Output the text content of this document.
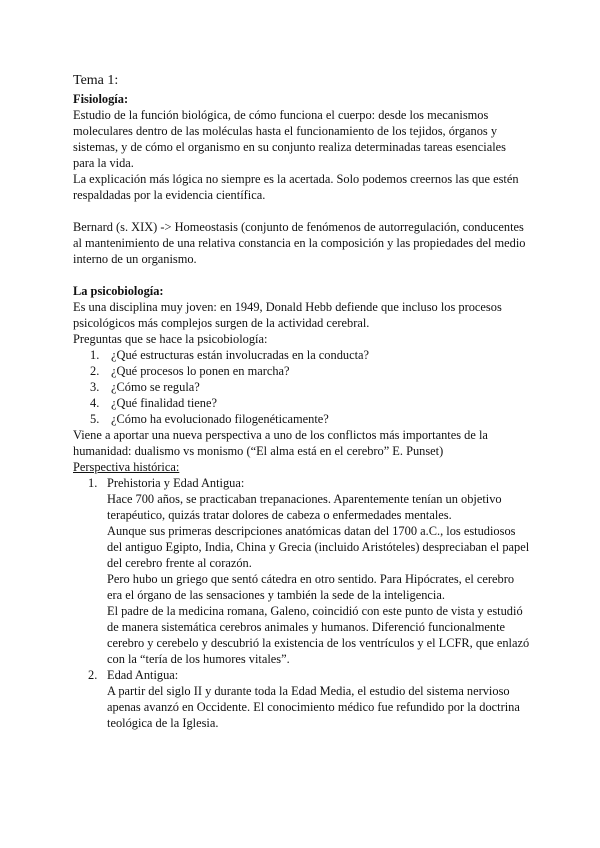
Tema 1:

Fisiología:

Estudio de la función biológica, de cómo funciona el cuerpo: desde los mecanismos moleculares dentro de las moléculas hasta el funcionamiento de los tejidos, órganos y sistemas, y de cómo el organismo en su conjunto realiza determinadas tareas esenciales para la vida.

La explicación más lógica no siempre es la acertada. Solo podemos creernos las que estén respaldadas por la evidencia científica.

Bernard (s. XIX) -> Homeostasis (conjunto de fenómenos de autorregulación, conducentes al mantenimiento de una relativa constancia en la composición y las propiedades del medio interno de un organismo.

La psicobiología:

Es una disciplina muy joven: en 1949, Donald Hebb defiende que incluso los procesos psicológicos más complejos surgen de la actividad cerebral.

Preguntas que se hace la psicobiología:

1. ¿Qué estructuras están involucradas en la conducta?
2. ¿Qué procesos lo ponen en marcha?
3. ¿Cómo se regula?
4. ¿Qué finalidad tiene?
5. ¿Cómo ha evolucionado filogenéticamente?

Viene a aportar una nueva perspectiva a uno de los conflictos más importantes de la humanidad: dualismo vs monismo (“El alma está en el cerebro” E. Punset)

Perspectiva histórica:

1. Prehistoria y Edad Antigua:

Hace 700 años, se practicaban trepanaciones. Aparentemente tenían un objetivo terapéutico, quizás tratar dolores de cabeza o enfermedades mentales.

Aunque sus primeras descripciones anatómicas datan del 1700 a.C., los estudiosos del antiguo Egipto, India, China y Grecia (incluido Aristóteles) despreciaban el papel del cerebro frente al corazón.

Pero hubo un griego que sentó cátedra en otro sentido. Para Hipócrates, el cerebro era el órgano de las sensaciones y también la sede de la inteligencia.

El padre de la medicina romana, Galeno, coincidió con este punto de vista y estudió de manera sistemática cerebros animales y humanos. Diferenció funcionalmente cerebro y cerebelo y descubrió la existencia de los ventrículos y el LCFR, que enlazó con la “tería de los humores vitales”.

2. Edad Antigua:

A partir del siglo II y durante toda la Edad Media, el estudio del sistema nervioso apenas avanzó en Occidente. El conocimiento médico fue refundido por la doctrina teológica de la Iglesia.
